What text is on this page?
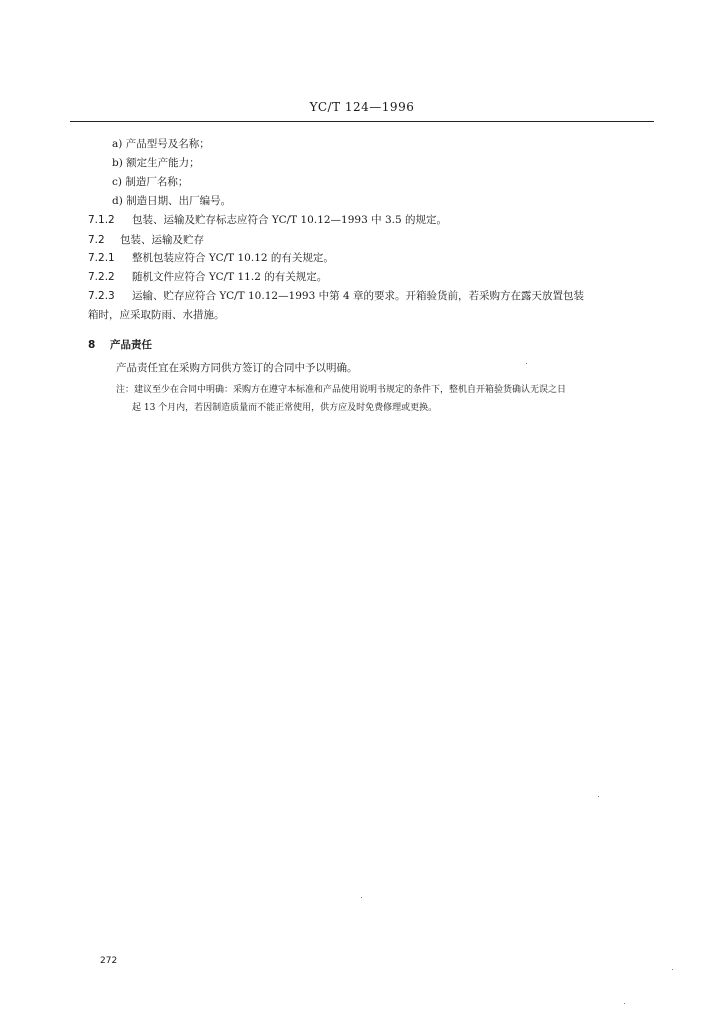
YC/T 124—1996
a) 产品型号及名称；
b) 额定生产能力；
c) 制造厂名称；
d) 制造日期、出厂编号。
7.1.2 包装、运输及贮存标志应符合 YC/T 10.12—1993 中 3.5 的规定。
7.2 包装、运输及贮存
7.2.1 整机包装应符合 YC/T 10.12 的有关规定。
7.2.2 随机文件应符合 YC/T 11.2 的有关规定。
7.2.3 运输、贮存应符合 YC/T 10.12—1993 中第 4 章的要求。开箱验货前，若采购方在露天放置包装
箱时，应采取防雨、水措施。
8 产品责任
产品责任宜在采购方同供方签订的合同中予以明确。
注：建议至少在合同中明确：采购方在遵守本标准和产品使用说明书规定的条件下，整机自开箱验货确认无误之日
起 13 个月内，若因制造质量而不能正常使用，供方应及时免费修理或更换。
272
